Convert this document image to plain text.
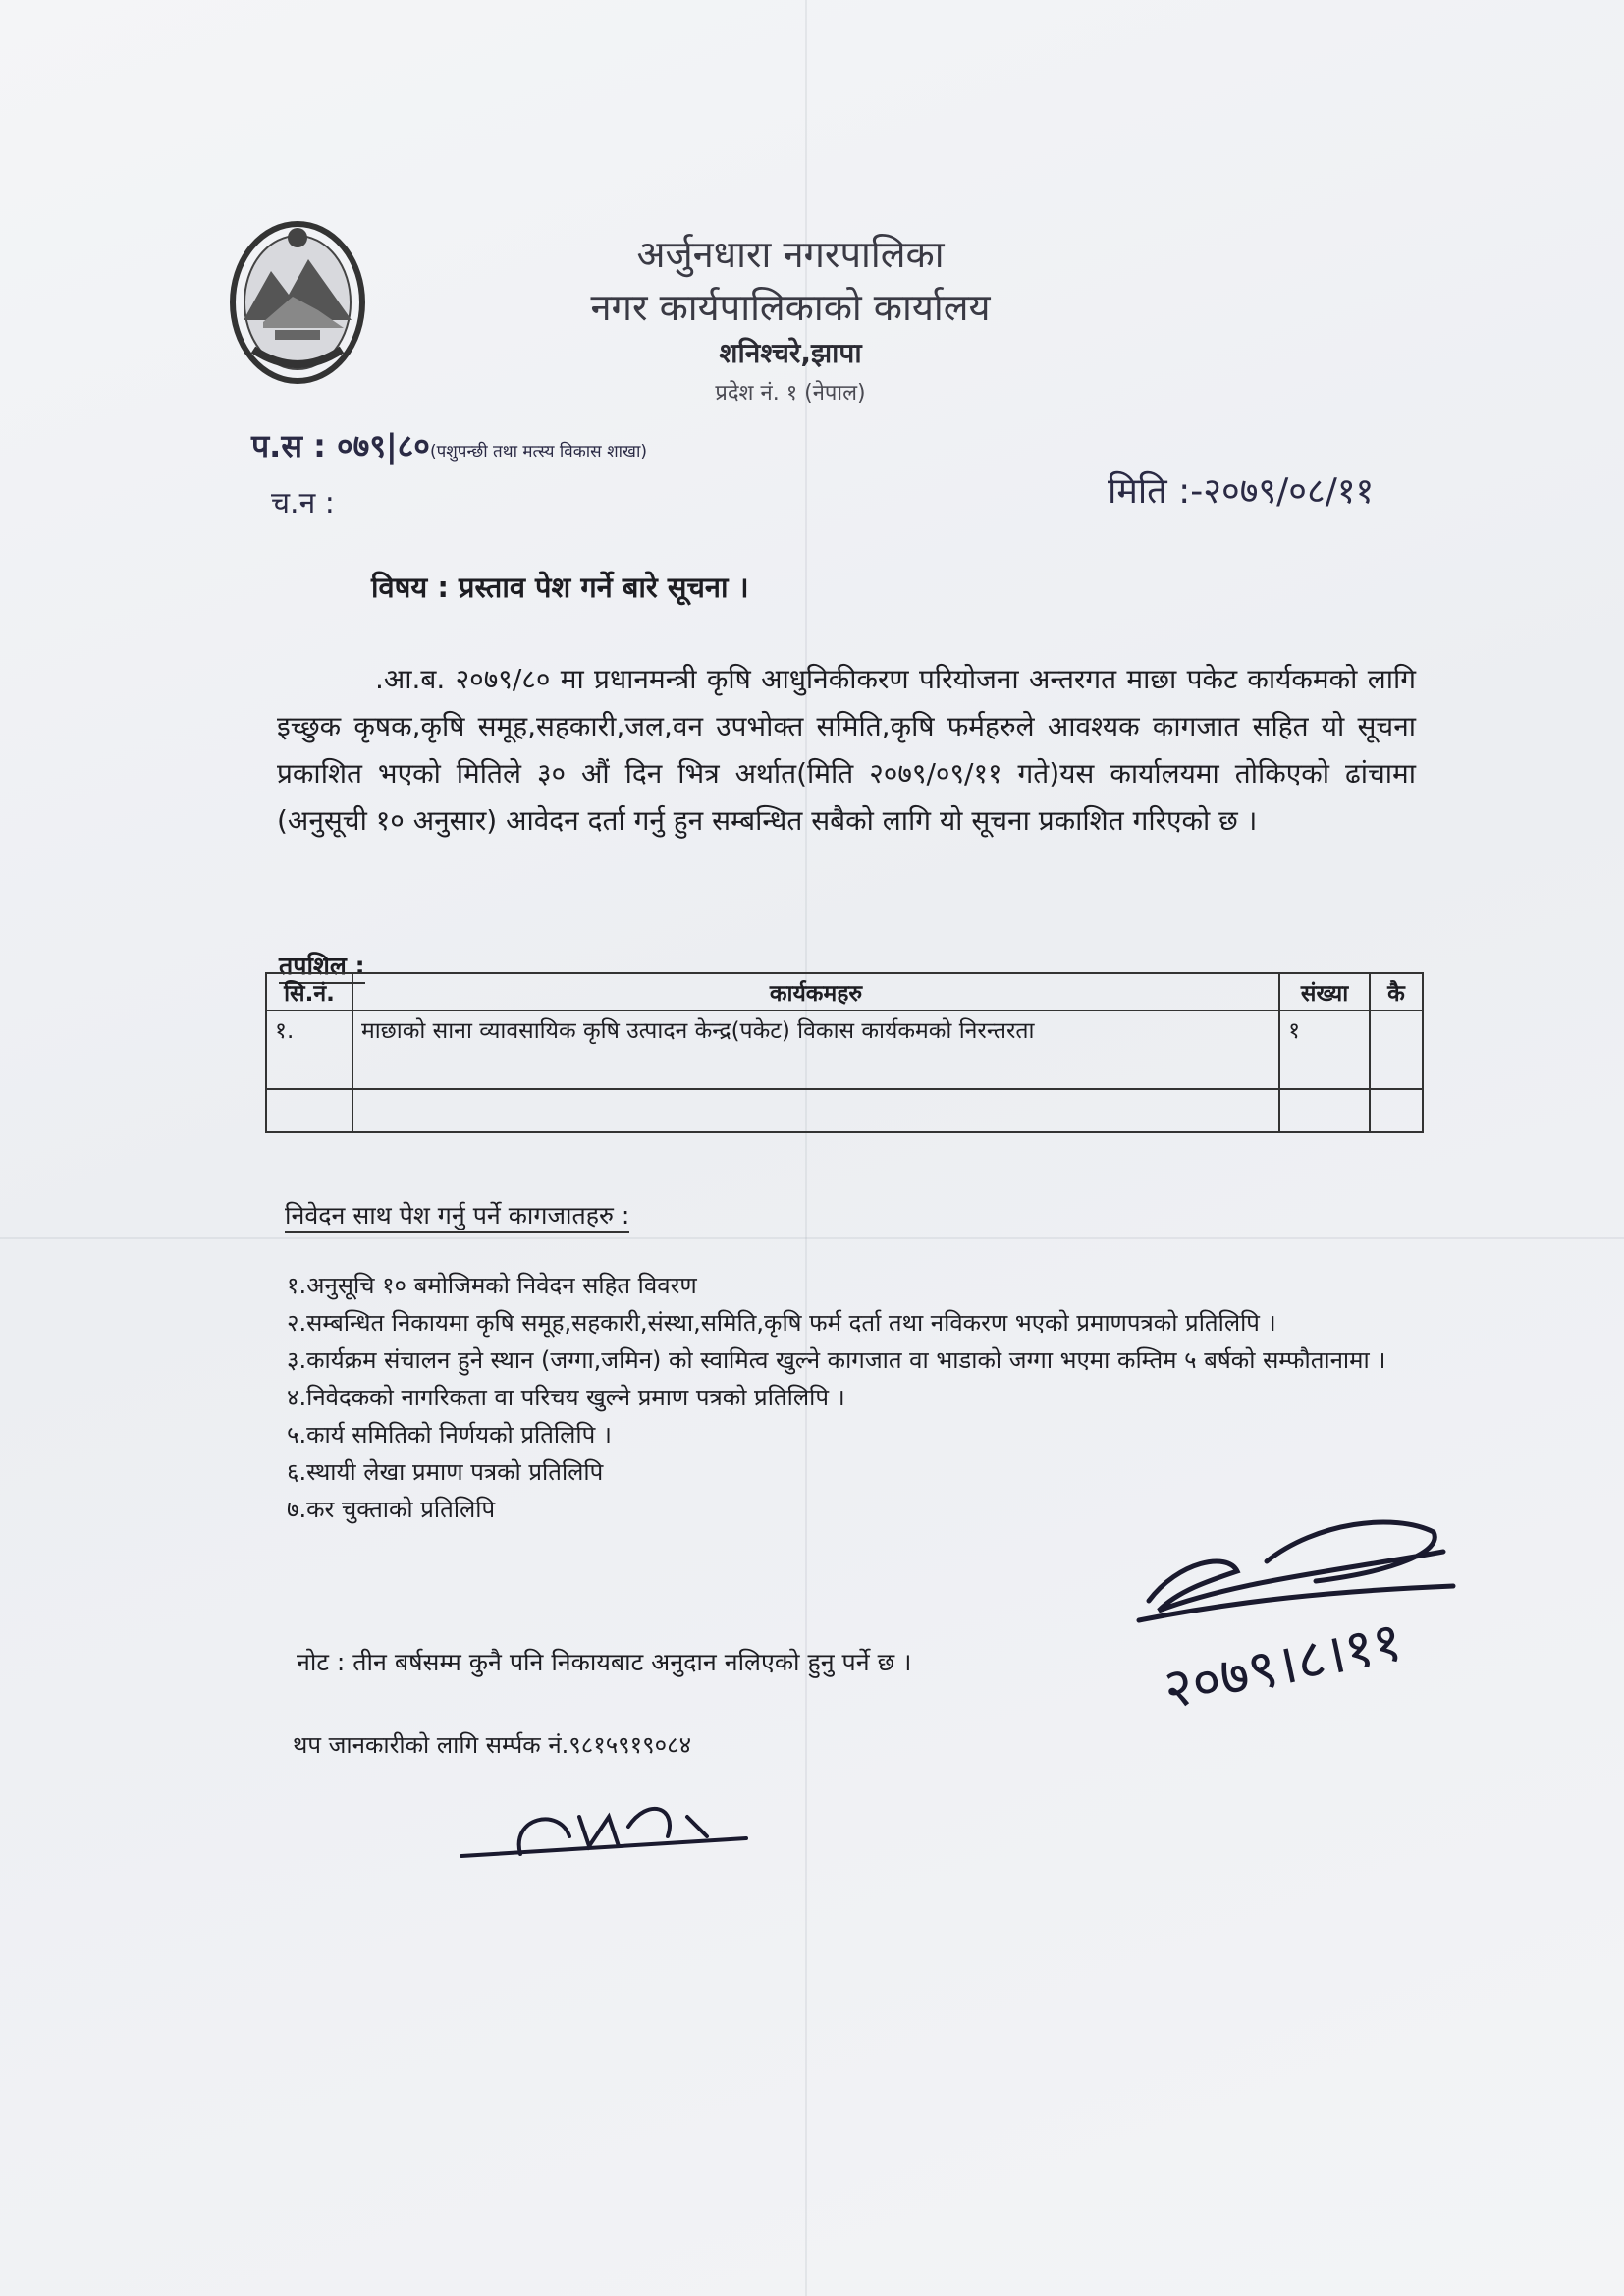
अर्जुनधारा नगरपालिका
नगर कार्यपालिकाको कार्यालय
शनिश्चरे,झापा
प्रदेश नं. १ (नेपाल)
प.स : ०७९|८०(पशुपन्छी तथा मत्स्य विकास शाखा)
च.न :	मिति :-२०७९/०८/११
विषय : प्रस्ताव पेश गर्ने बारे सूचना ।
.आ.ब. २०७९/८० मा प्रधानमन्त्री कृषि आधुनिकीकरण परियोजना अन्तरगत माछा पकेट कार्यकमको लागि इच्छुक कृषक,कृषि समूह,सहकारी,जल,वन उपभोक्त समिति,कृषि फर्महरुले आवश्यक कागजात सहित यो सूचना प्रकाशित भएको मितिले ३० औं दिन भित्र अर्थात(मिति २०७९/०९/११ गते)यस कार्यालयमा तोकिएको ढांचामा (अनुसूची १० अनुसार) आवेदन दर्ता गर्नु हुन सम्बन्धित सबैको लागि यो सूचना प्रकाशित गरिएको छ ।
तपशिल :
सि.नं.	कार्यकमहरु	संख्या	कै
१.	माछाको साना व्यावसायिक कृषि उत्पादन केन्द्र(पकेट) विकास कार्यकमको निरन्तरता	१	

निवेदन साथ पेश गर्नु पर्ने कागजातहरु :
१.अनुसूचि १० बमोजिमको निवेदन सहित विवरण
२.सम्बन्धित निकायमा कृषि समूह,सहकारी,संस्था,समिति,कृषि फर्म दर्ता तथा नविकरण भएको प्रमाणपत्रको प्रतिलिपि ।
३.कार्यक्रम संचालन हुने स्थान (जग्गा,जमिन) को स्वामित्व खुल्ने कागजात वा भाडाको जग्गा भएमा कम्तिम ५ बर्षको सम्फौतानामा ।
४.निवेदकको नागरिकता वा परिचय खुल्ने प्रमाण पत्रको प्रतिलिपि ।
५.कार्य समितिको निर्णयको प्रतिलिपि ।
६.स्थायी लेखा प्रमाण पत्रको प्रतिलिपि
७.कर चुक्ताको प्रतिलिपि
नोट : तीन बर्षसम्म कुनै पनि निकायबाट अनुदान नलिएको हुनु पर्ने छ ।
थप जानकारीको लागि सर्म्पक नं.९८१५९१९०८४
२०७९।८।११
